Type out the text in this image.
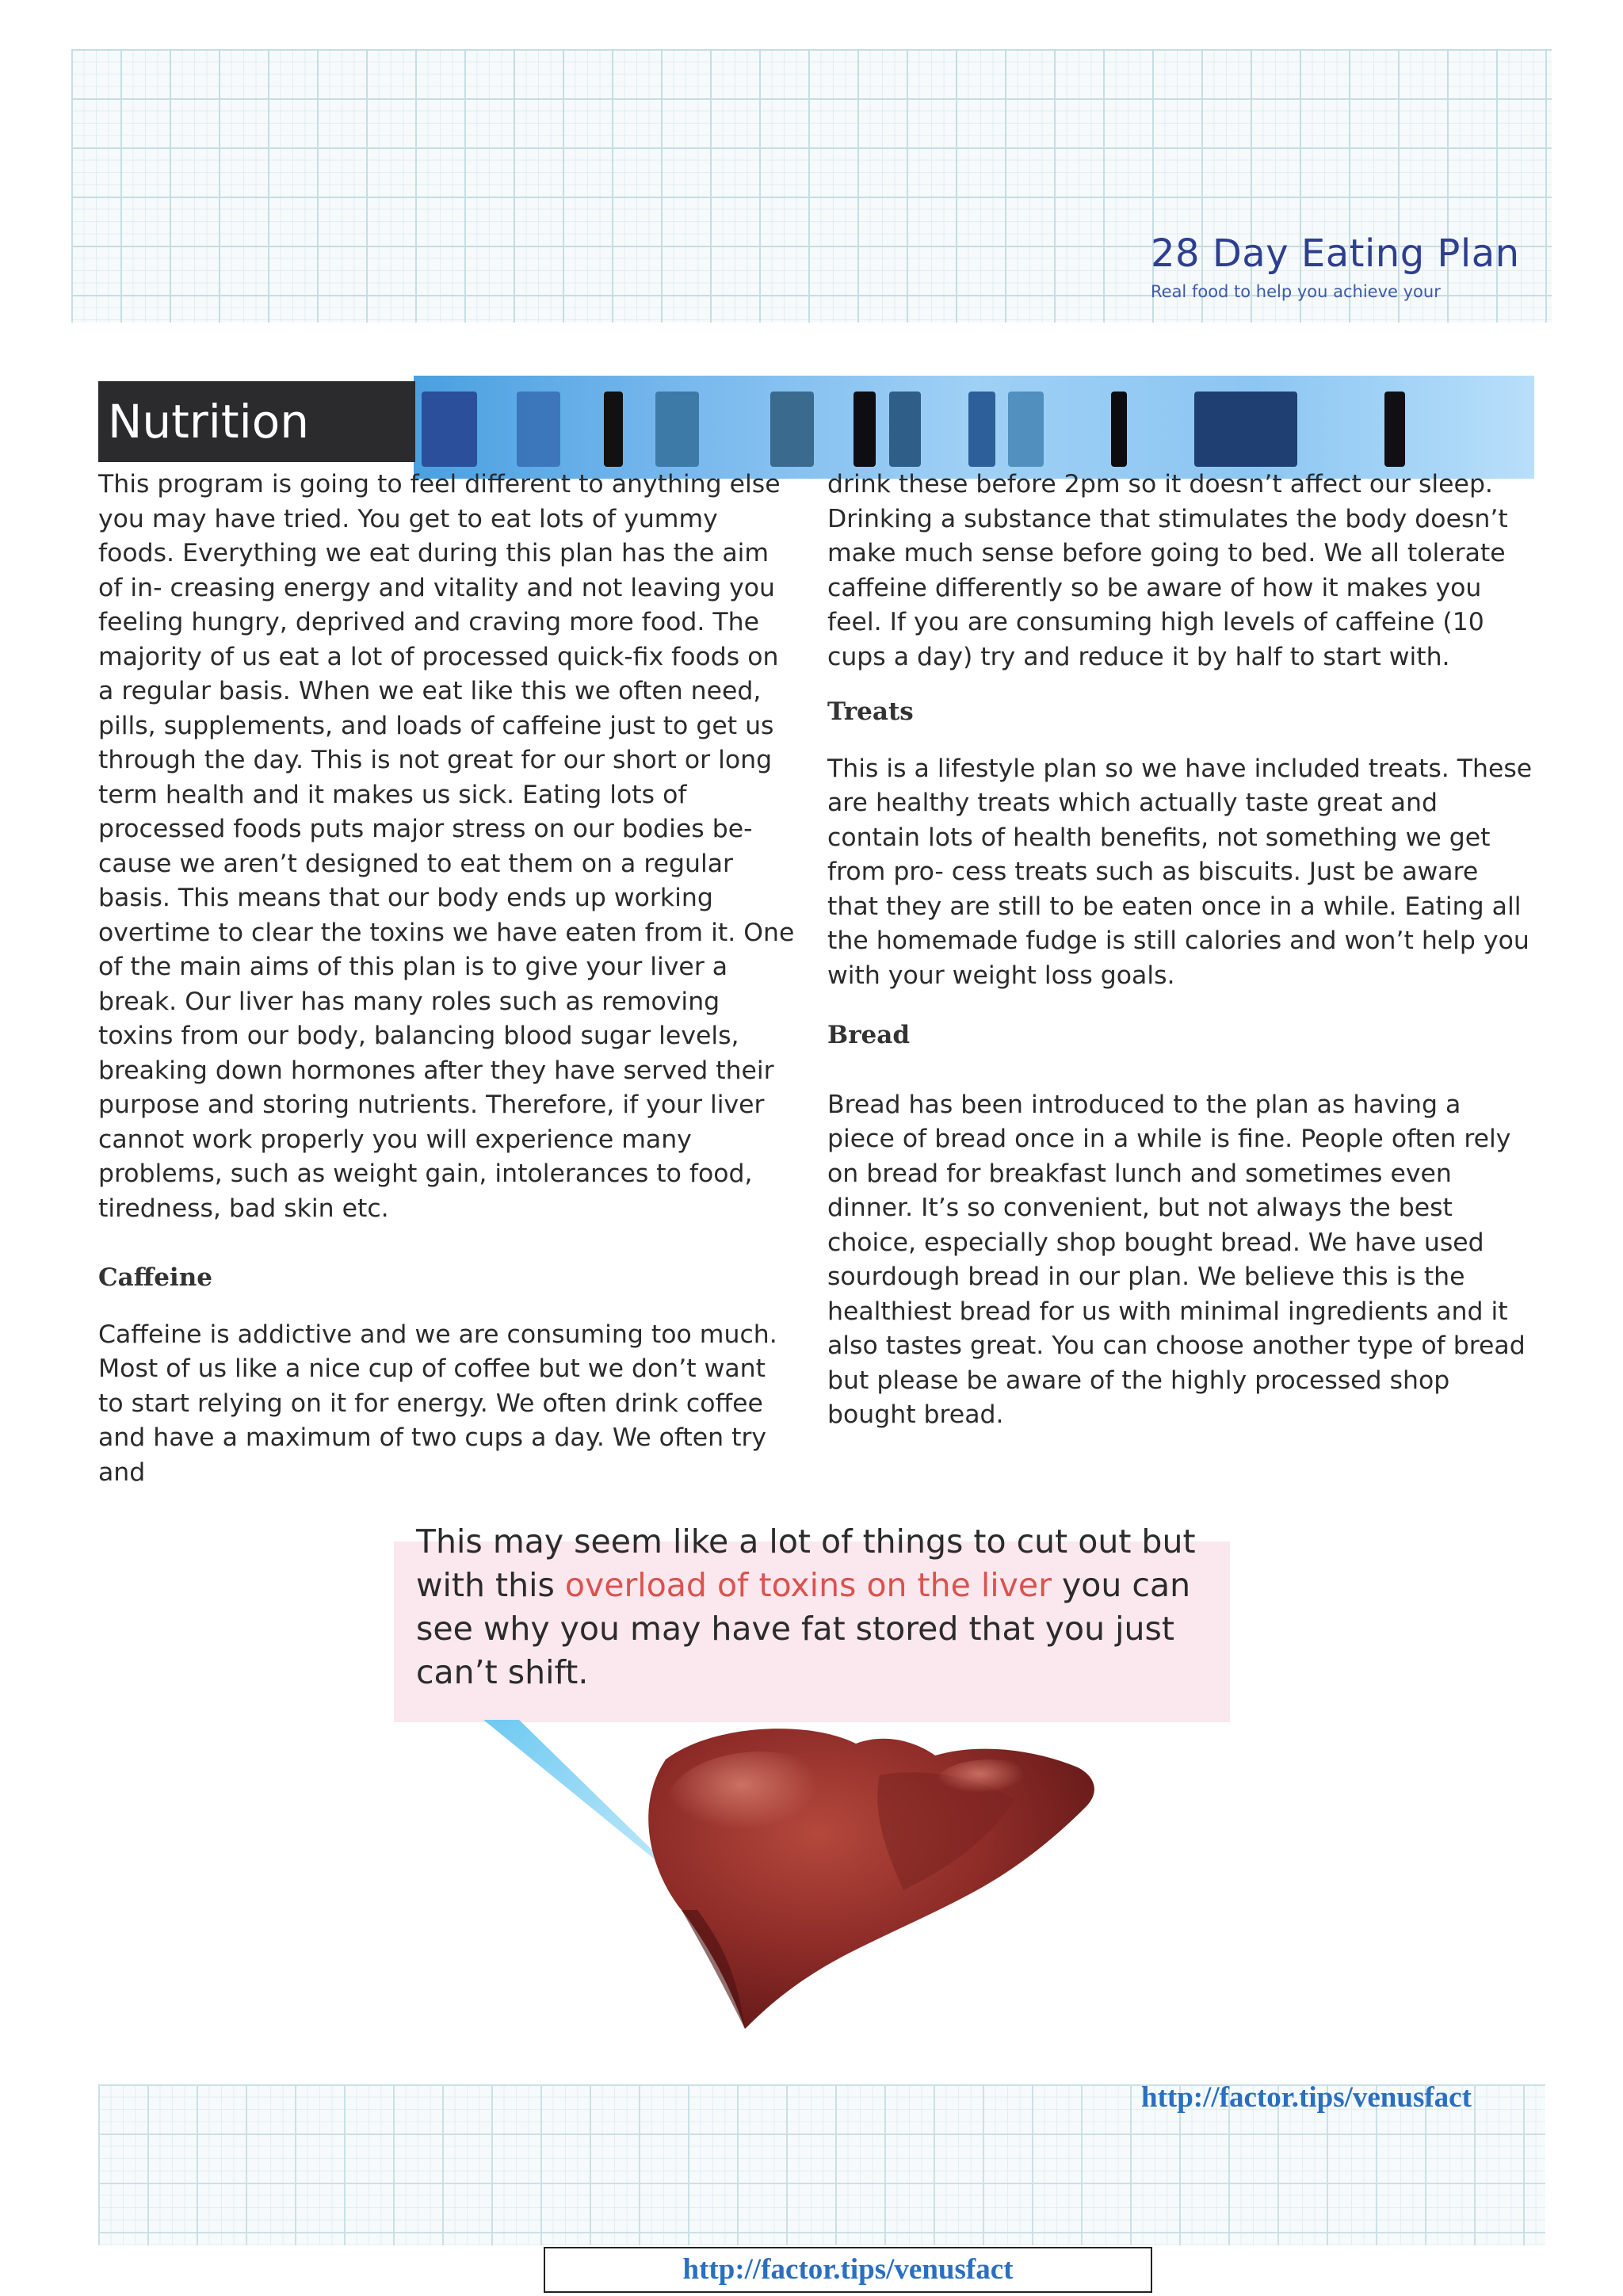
28 Day Eating Plan
Real food to help you achieve your
Nutrition

This program is going to feel different to anything else you may have tried. You get to eat lots of yummy foods. Everything we eat during this plan has the aim of in- creasing energy and vitality and not leaving you feeling hungry, deprived and craving more food. The majority of us eat a lot of processed quick-fix foods on a regular basis. When we eat like this we often need, pills, supplements, and loads of caffeine just to get us through the day. This is not great for our short or long term health and it makes us sick. Eating lots of processed foods puts major stress on our bodies be- cause we aren’t designed to eat them on a regular basis. This means that our body ends up working overtime to clear the toxins we have eaten from it. One of the main aims of this plan is to give your liver a break. Our liver has many roles such as removing toxins from our body, balancing blood sugar levels, breaking down hormones after they have served their purpose and storing nutrients. Therefore, if your liver cannot work properly you will experience many problems, such as weight gain, intolerances to food, tiredness, bad skin etc.

Caffeine

Caffeine is addictive and we are consuming too much. Most of us like a nice cup of coffee but we don’t want to start relying on it for energy. We often drink coffee and have a maximum of two cups a day. We often try and

drink these before 2pm so it doesn’t affect our sleep. Drinking a substance that stimulates the body doesn’t make much sense before going to bed. We all tolerate caffeine differently so be aware of how it makes you feel. If you are consuming high levels of caffeine (10 cups a day) try and reduce it by half to start with.

Treats

This is a lifestyle plan so we have included treats. These are healthy treats which actually taste great and contain lots of health benefits, not something we get from pro- cess treats such as biscuits. Just be aware that they are still to be eaten once in a while. Eating all the homemade fudge is still calories and won’t help you with your weight loss goals.

Bread

Bread has been introduced to the plan as having a piece of bread once in a while is fine. People often rely on bread for breakfast lunch and sometimes even dinner. It’s so convenient, but not always the best choice, especially shop bought bread. We have used sourdough bread in our plan. We believe this is the healthiest bread for us with minimal ingredients and it also tastes great. You can choose another type of bread but please be aware of the highly processed shop bought bread.

This may seem like a lot of things to cut out but with this overload of toxins on the liver you can see why you may have fat stored that you just can’t shift.
http://factor.tips/venusfact
http://factor.tips/venusfact
